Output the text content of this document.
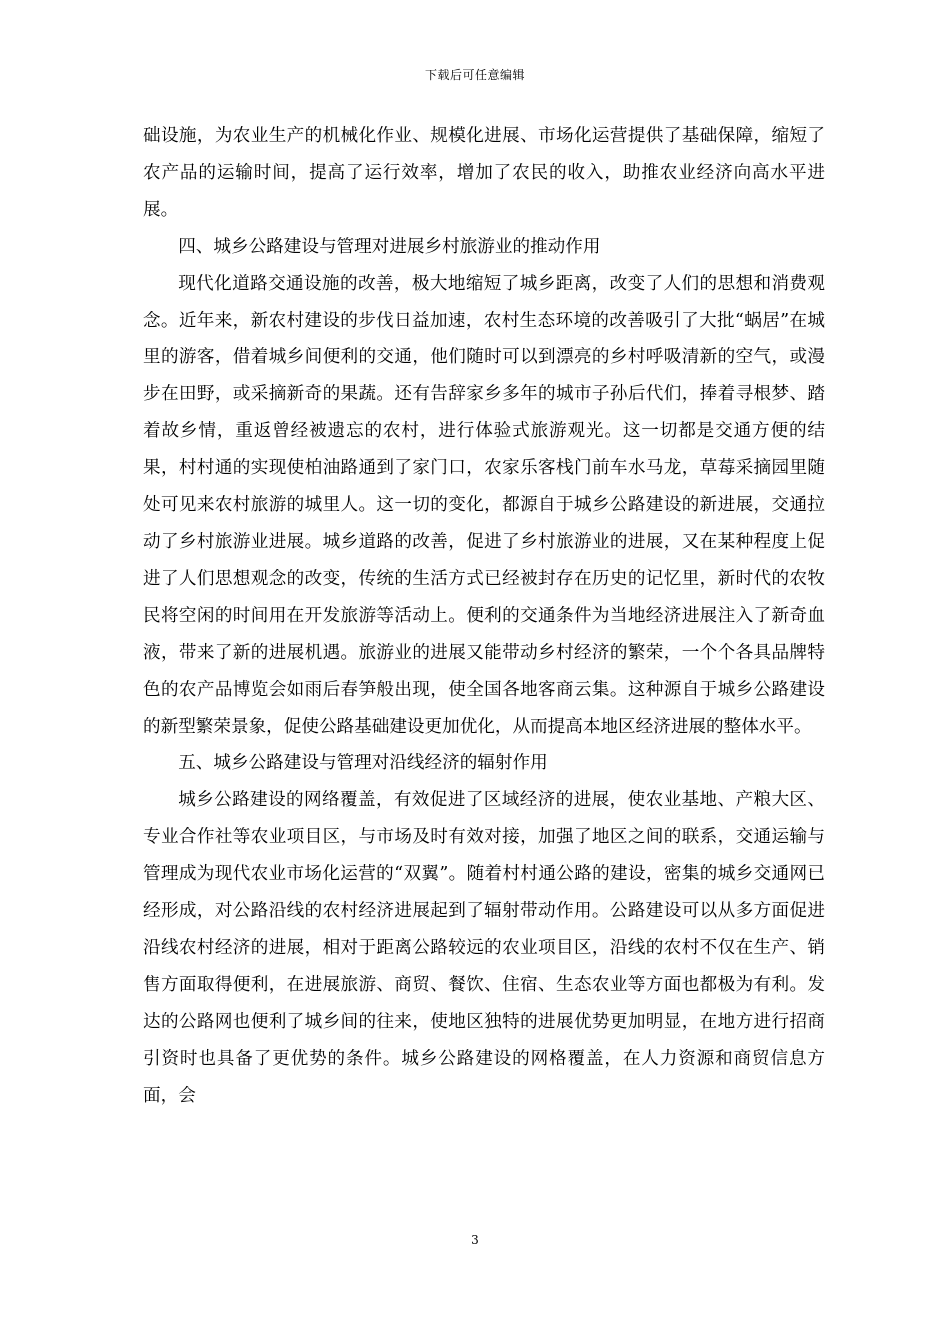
下载后可任意编辑

础设施，为农业生产的机械化作业、规模化进展、市场化运营提供了基础保障，缩短了农产品的运输时间，提高了运行效率，增加了农民的收入，助推农业经济向高水平进展。

四、城乡公路建设与管理对进展乡村旅游业的推动作用

现代化道路交通设施的改善，极大地缩短了城乡距离，改变了人们的思想和消费观念。近年来，新农村建设的步伐日益加速，农村生态环境的改善吸引了大批“蜗居”在城里的游客，借着城乡间便利的交通，他们随时可以到漂亮的乡村呼吸清新的空气，或漫步在田野，或采摘新奇的果蔬。还有告辞家乡多年的城市子孙后代们，捧着寻根梦、踏着故乡情，重返曾经被遗忘的农村，进行体验式旅游观光。这一切都是交通方便的结果，村村通的实现使柏油路通到了家门口，农家乐客栈门前车水马龙，草莓采摘园里随处可见来农村旅游的城里人。这一切的变化，都源自于城乡公路建设的新进展，交通拉动了乡村旅游业进展。城乡道路的改善，促进了乡村旅游业的进展，又在某种程度上促进了人们思想观念的改变，传统的生活方式已经被封存在历史的记忆里，新时代的农牧民将空闲的时间用在开发旅游等活动上。便利的交通条件为当地经济进展注入了新奇血液，带来了新的进展机遇。旅游业的进展又能带动乡村经济的繁荣，一个个各具品牌特色的农产品博览会如雨后春笋般出现，使全国各地客商云集。这种源自于城乡公路建设的新型繁荣景象，促使公路基础建设更加优化，从而提高本地区经济进展的整体水平。

五、城乡公路建设与管理对沿线经济的辐射作用

城乡公路建设的网络覆盖，有效促进了区域经济的进展，使农业基地、产粮大区、专业合作社等农业项目区，与市场及时有效对接，加强了地区之间的联系，交通运输与管理成为现代农业市场化运营的“双翼”。随着村村通公路的建设，密集的城乡交通网已经形成，对公路沿线的农村经济进展起到了辐射带动作用。公路建设可以从多方面促进沿线农村经济的进展，相对于距离公路较远的农业项目区，沿线的农村不仅在生产、销售方面取得便利，在进展旅游、商贸、餐饮、住宿、生态农业等方面也都极为有利。发达的公路网也便利了城乡间的往来，使地区独特的进展优势更加明显，在地方进行招商引资时也具备了更优势的条件。城乡公路建设的网格覆盖，在人力资源和商贸信息方面，会

3
